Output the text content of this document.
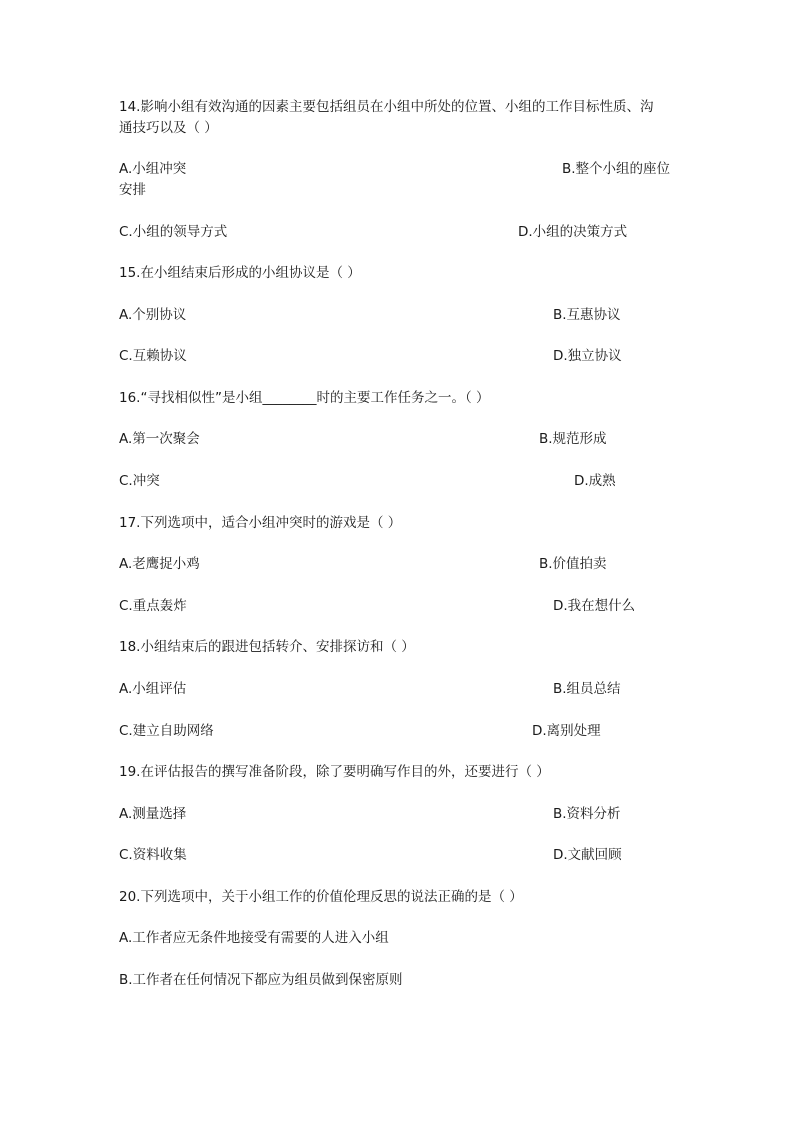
14.影响小组有效沟通的因素主要包括组员在小组中所处的位置、小组的工作目标性质、沟
通技巧以及（ ）
A.小组冲突	B.整个小组的座位
安排
C.小组的领导方式	D.小组的决策方式
15.在小组结束后形成的小组协议是（ ）
A.个别协议	B.互惠协议
C.互赖协议	D.独立协议
16.“寻找相似性”是小组________时的主要工作任务之一。（ ）
A.第一次聚会	B.规范形成
C.冲突	D.成熟
17.下列选项中，适合小组冲突时的游戏是（ ）
A.老鹰捉小鸡	B.价值拍卖
C.重点轰炸	D.我在想什么
18.小组结束后的跟进包括转介、安排探访和（ ）
A.小组评估	B.组员总结
C.建立自助网络	D.离别处理
19.在评估报告的撰写准备阶段，除了要明确写作目的外，还要进行（ ）
A.测量选择	B.资料分析
C.资料收集	D.文献回顾
20.下列选项中，关于小组工作的价值伦理反思的说法正确的是（ ）
A.工作者应无条件地接受有需要的人进入小组
B.工作者在任何情况下都应为组员做到保密原则
